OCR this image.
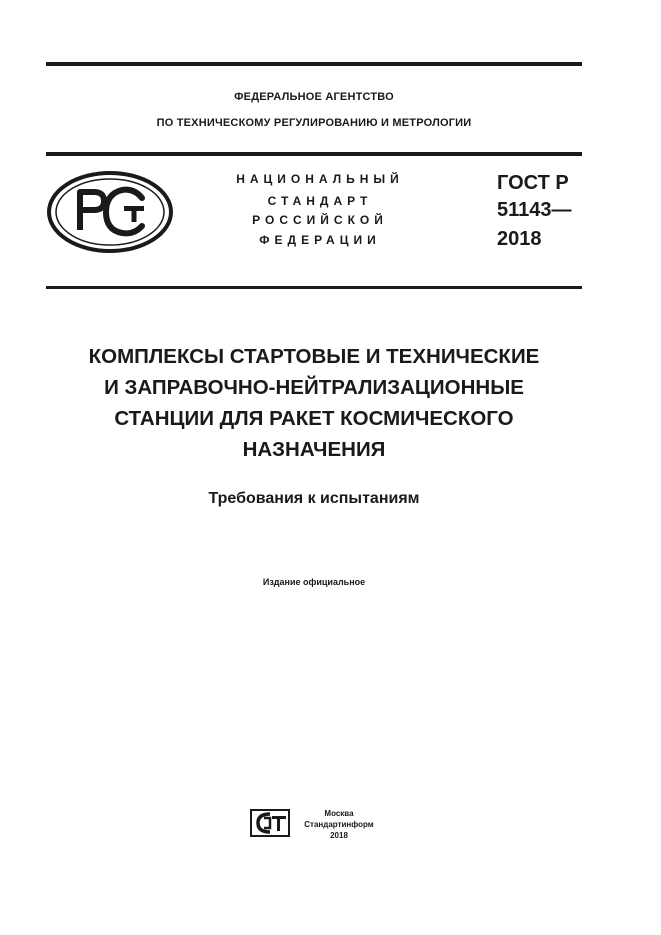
ФЕДЕРАЛЬНОЕ АГЕНТСТВО
ПО ТЕХНИЧЕСКОМУ РЕГУЛИРОВАНИЮ И МЕТРОЛОГИИ
НАЦИОНАЛЬНЫЙ
СТАНДАРТ
РОССИЙСКОЙ
ФЕДЕРАЦИИ
ГОСТ Р
51143—
2018
КОМПЛЕКСЫ СТАРТОВЫЕ И ТЕХНИЧЕСКИЕ
И ЗАПРАВОЧНО-НЕЙТРАЛИЗАЦИОННЫЕ
СТАНЦИИ ДЛЯ РАКЕТ КОСМИЧЕСКОГО
НАЗНАЧЕНИЯ
Требования к испытаниям
Издание официальное
Москва
Стандартинформ
2018
